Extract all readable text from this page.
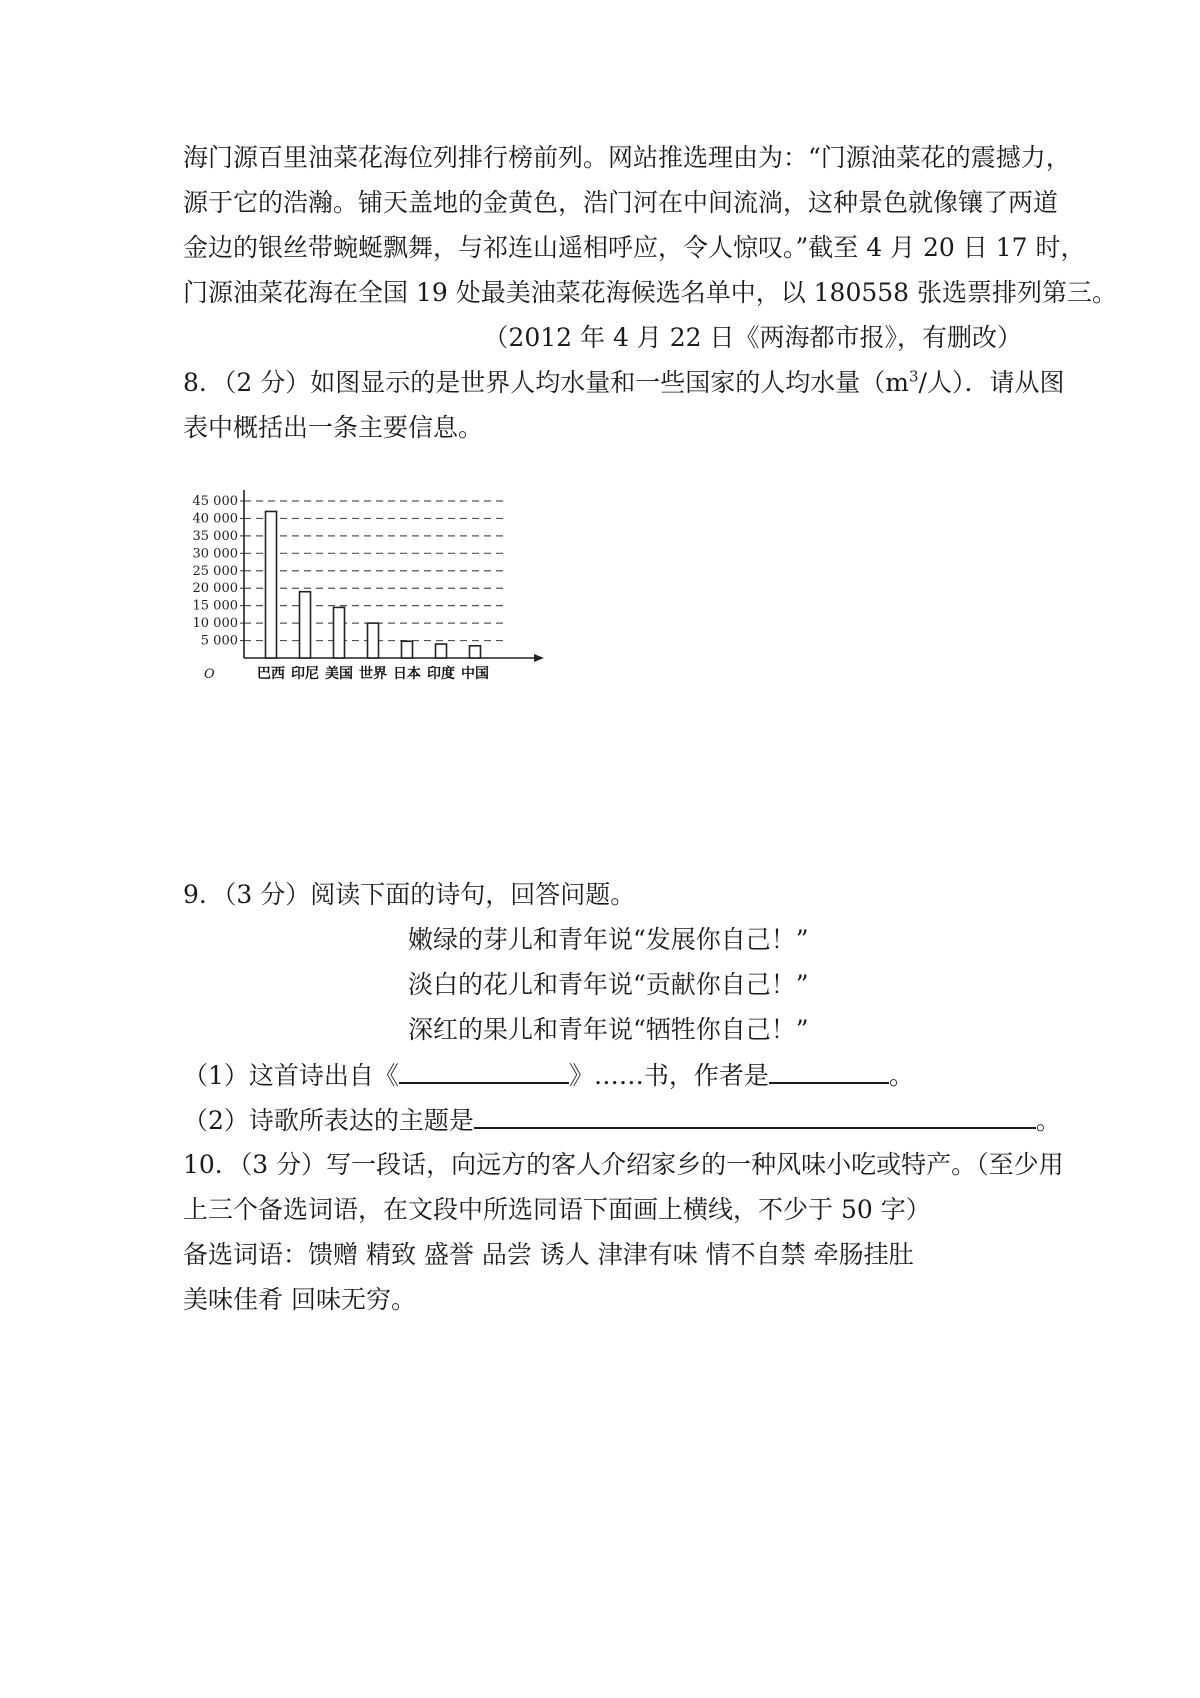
海门源百里油菜花海位列排行榜前列。网站推选理由为：“门源油菜花的震撼力，
源于它的浩瀚。铺天盖地的金黄色，浩门河在中间流淌，这种景色就像镶了两道
金边的银丝带蜿蜒飘舞，与祁连山遥相呼应，令人惊叹。”截至 4 月 20 日 17 时，
门源油菜花海在全国 19 处最美油菜花海候选名单中，以 180558 张选票排列第三。
（2012 年 4 月 22 日《两海都市报》，有删改）
8．（2 分）如图显示的是世界人均水量和一些国家的人均水量（$m^3/$人）．请从图
表中概括出一条主要信息。
5 000
10 000
15 000
20 000
25 000
30 000
35 000
40 000
45 000
O	巴西 印尼 美国 世界 日本 印度 中国
9．（3 分）阅读下面的诗句，回答问题。
嫩绿的芽儿和青年说“发展你自己！”
淡白的花儿和青年说“贡献你自己！”
深红的果儿和青年说“牺牲你自己！”
（1）这首诗出自《	》……书，作者是	。
（2）诗歌所表达的主题是	。
10．（3 分）写一段话，向远方的客人介绍家乡的一种风味小吃或特产。（至少用
上三个备选词语，在文段中所选同语下面画上横线，不少于 50 字）
备选词语：馈赠 精致 盛誉 品尝 诱人 津津有味 情不自禁 牵肠挂肚
美味佳肴 回味无穷。
